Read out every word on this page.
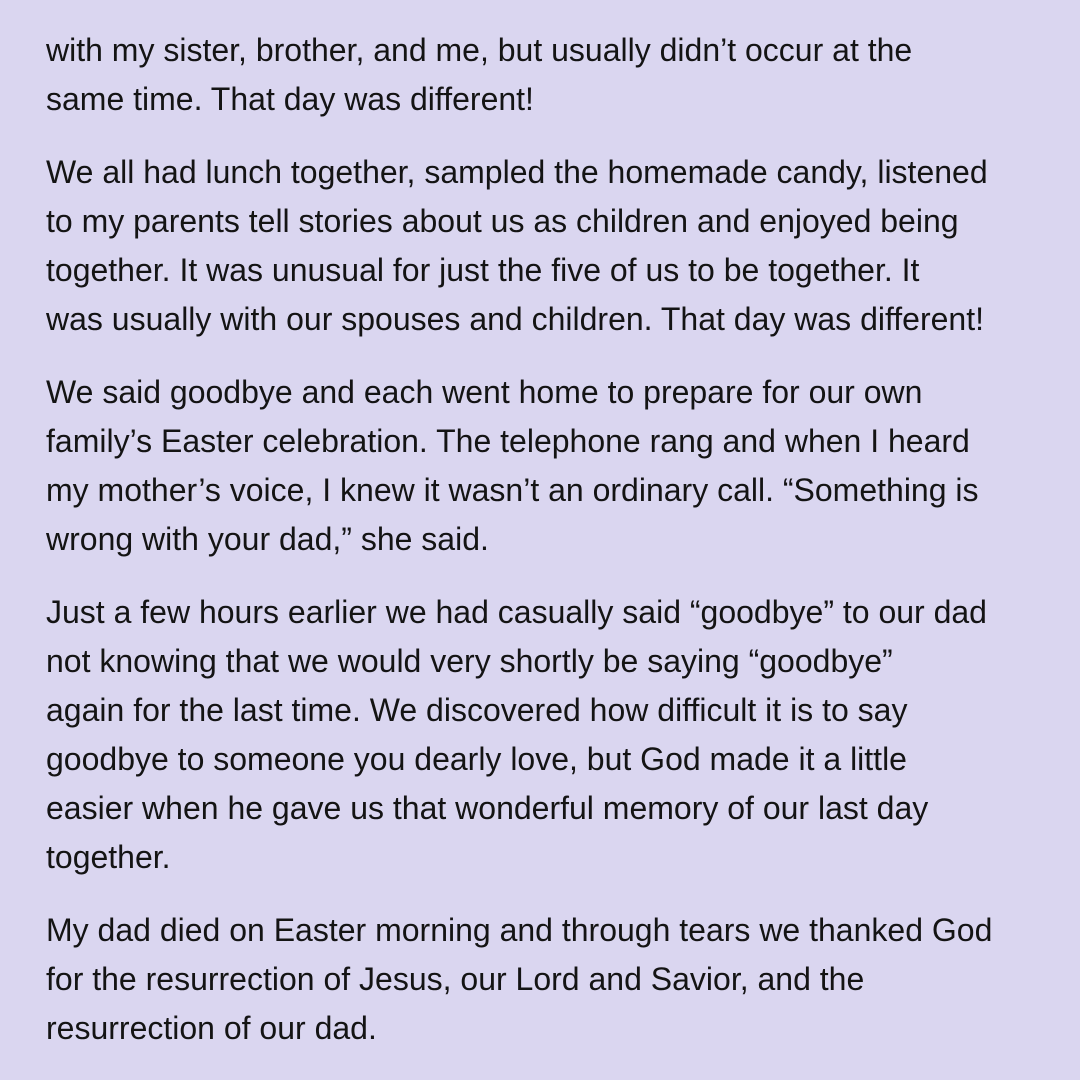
with my sister, brother, and me, but usually didn’t occur at the
same time. That day was different!

We all had lunch together, sampled the homemade candy, listened
to my parents tell stories about us as children and enjoyed being
together. It was unusual for just the five of us to be together. It
was usually with our spouses and children. That day was different!

We said goodbye and each went home to prepare for our own
family’s Easter celebration. The telephone rang and when I heard
my mother’s voice, I knew it wasn’t an ordinary call. “Something is
wrong with your dad,” she said.

Just a few hours earlier we had casually said “goodbye” to our dad
not knowing that we would very shortly be saying “goodbye”
again for the last time. We discovered how difficult it is to say
goodbye to someone you dearly love, but God made it a little
easier when he gave us that wonderful memory of our last day
together.

My dad died on Easter morning and through tears we thanked God
for the resurrection of Jesus, our Lord and Savior, and the
resurrection of our dad.
